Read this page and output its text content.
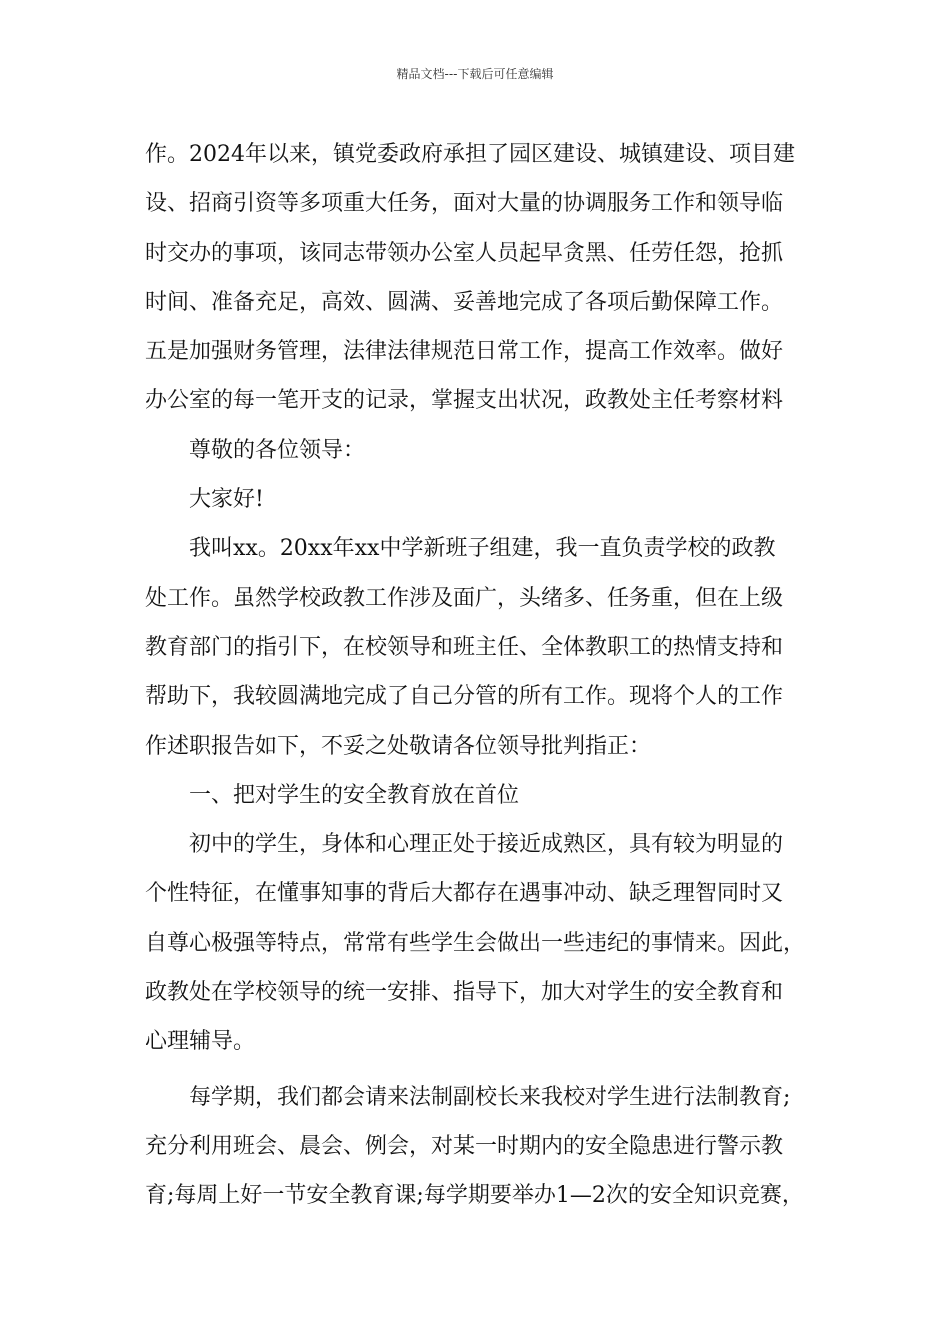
精品文档---下载后可任意编辑
作。2024年以来，镇党委政府承担了园区建设、城镇建设、项目建
设、招商引资等多项重大任务，面对大量的协调服务工作和领导临
时交办的事项，该同志带领办公室人员起早贪黑、任劳任怨，抢抓
时间、准备充足，高效、圆满、妥善地完成了各项后勤保障工作。
五是加强财务管理，法律法律规范日常工作，提高工作效率。做好
办公室的每一笔开支的记录，掌握支出状况，政教处主任考察材料
尊敬的各位领导：
大家好!
我叫xx。20xx年xx中学新班子组建，我一直负责学校的政教
处工作。虽然学校政教工作涉及面广，头绪多、任务重，但在上级
教育部门的指引下，在校领导和班主任、全体教职工的热情支持和
帮助下，我较圆满地完成了自己分管的所有工作。现将个人的工作
作述职报告如下，不妥之处敬请各位领导批判指正：
一、把对学生的安全教育放在首位
初中的学生，身体和心理正处于接近成熟区，具有较为明显的
个性特征，在懂事知事的背后大都存在遇事冲动、缺乏理智同时又
自尊心极强等特点，常常有些学生会做出一些违纪的事情来。因此，
政教处在学校领导的统一安排、指导下，加大对学生的安全教育和
心理辅导。
每学期，我们都会请来法制副校长来我校对学生进行法制教育;
充分利用班会、晨会、例会，对某一时期内的安全隐患进行警示教
育;每周上好一节安全教育课;每学期要举办1—2次的安全知识竞赛，
